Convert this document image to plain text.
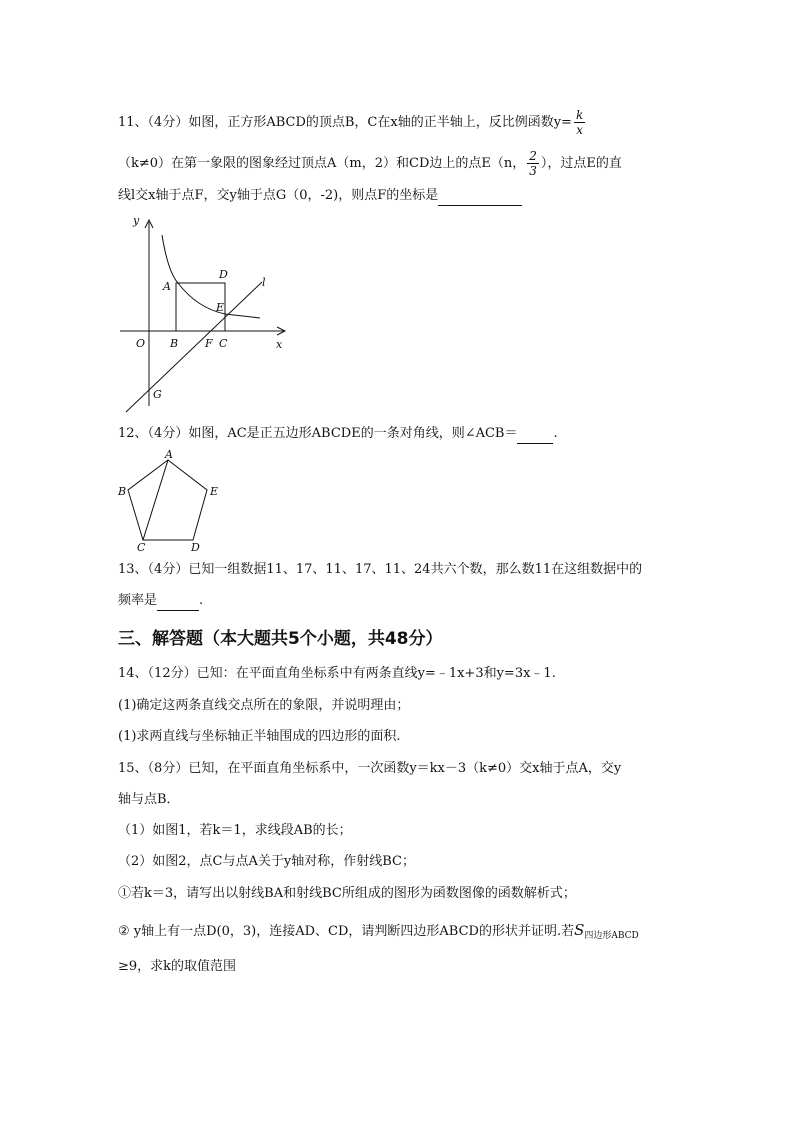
11、（4分）如图，正方形ABCD的顶点B，C在x轴的正半轴上，反比例函数$y= \frac{k}{x}$
（k≠0）在第一象限的图象经过顶点A（m，2）和CD边上的点E（n， $\frac{2}{3}$ ），过点E的直
线l交x轴于点F，交y轴于点G（0，-2)，则点F的坐标是
y
x
O
A
B	C
D
E
F
G
l
12、（4分）如图，AC是正五边形ABCDE的一条对角线，则∠ACB＝	.
A
B
C	D
E
13、（4分）已知一组数据11、17、11、17、11、24共六个数，那么数11在这组数据中的
频率是	.
三、解答题（本大题共5个小题，共48分）
14、（12分）已知：在平面直角坐标系中有两条直线y=﹣1x+3和y=3x﹣1.
(1)确定这两条直线交点所在的象限，并说明理由；
(1)求两直线与坐标轴正半轴围成的四边形的面积.
15、（8分）已知，在平面直角坐标系中，一次函数y＝kx－3（k≠0）交x轴于点A，交y
轴与点B．
（1）如图1，若k＝1，求线段AB的长；
（2）如图2，点C与点A关于y轴对称，作射线BC；
①若k＝3，请写出以射线BA和射线BC所组成的图形为函数图像的函数解析式；
② y轴上有一点D(0，3)，连接AD、CD，请判断四边形ABCD的形状并证明.若$S_{四边形ABCD}$
≥9，求k的取值范围
